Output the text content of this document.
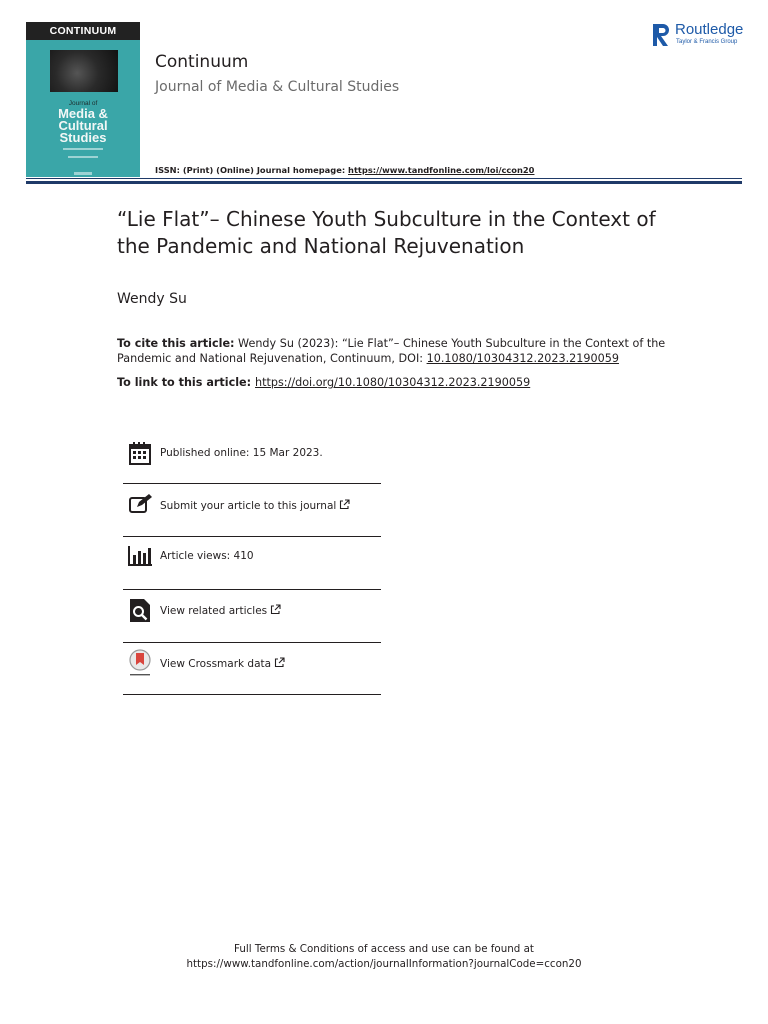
CONTINUUM
Journal of
Media &
Cultural
Studies
Continuum
Journal of Media & Cultural Studies
Routledge
Taylor & Francis Group
ISSN: (Print) (Online) Journal homepage: https://www.tandfonline.com/loi/ccon20
“Lie Flat”– Chinese Youth Subculture in the Context of the Pandemic and National Rejuvenation
Wendy Su
To cite this article: Wendy Su (2023): “Lie Flat”– Chinese Youth Subculture in the Context of the Pandemic and National Rejuvenation, Continuum, DOI: 10.1080/10304312.2023.2190059
To link to this article: https://doi.org/10.1080/10304312.2023.2190059
Published online: 15 Mar 2023.
Submit your article to this journal
Article views: 410
View related articles
View Crossmark data
Full Terms & Conditions of access and use can be found at
https://www.tandfonline.com/action/journalInformation?journalCode=ccon20
